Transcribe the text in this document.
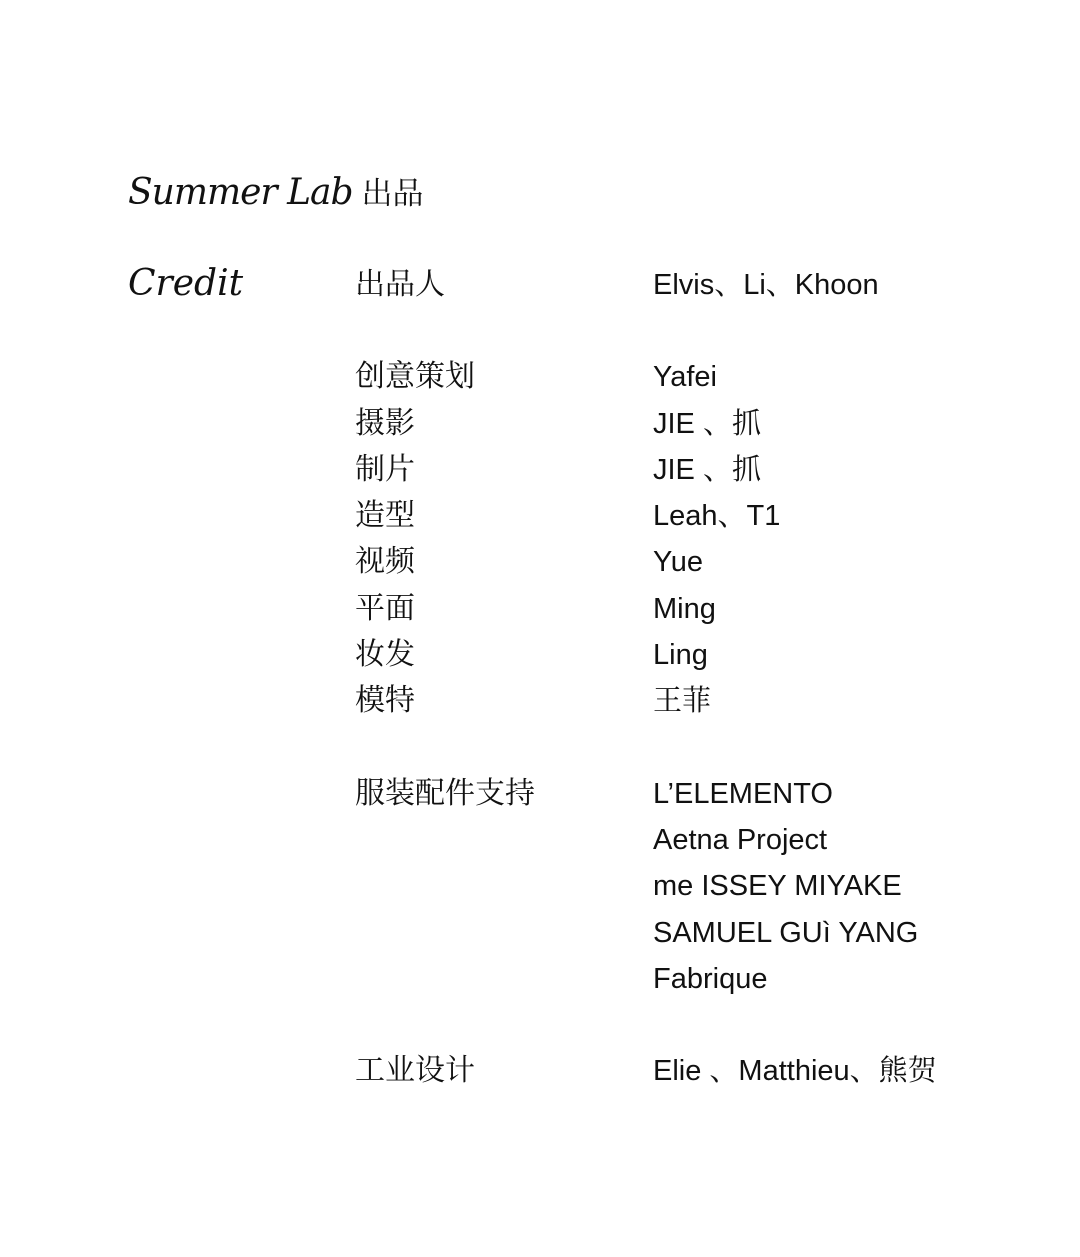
Summer Lab 出品
Credit	出品人	Elvis、Li、Khoon
创意策划	Yafei
摄影	JIE 、抓
制片	JIE 、抓
造型	Leah、T1
视频	Yue
平面	Ming
妆发	Ling
模特	王菲
服装配件支持	L’ELEMENTO
Aetna Project
me ISSEY MIYAKE
SAMUEL GUì YANG
Fabrique
工业设计	Elie 、Matthieu、熊贺
